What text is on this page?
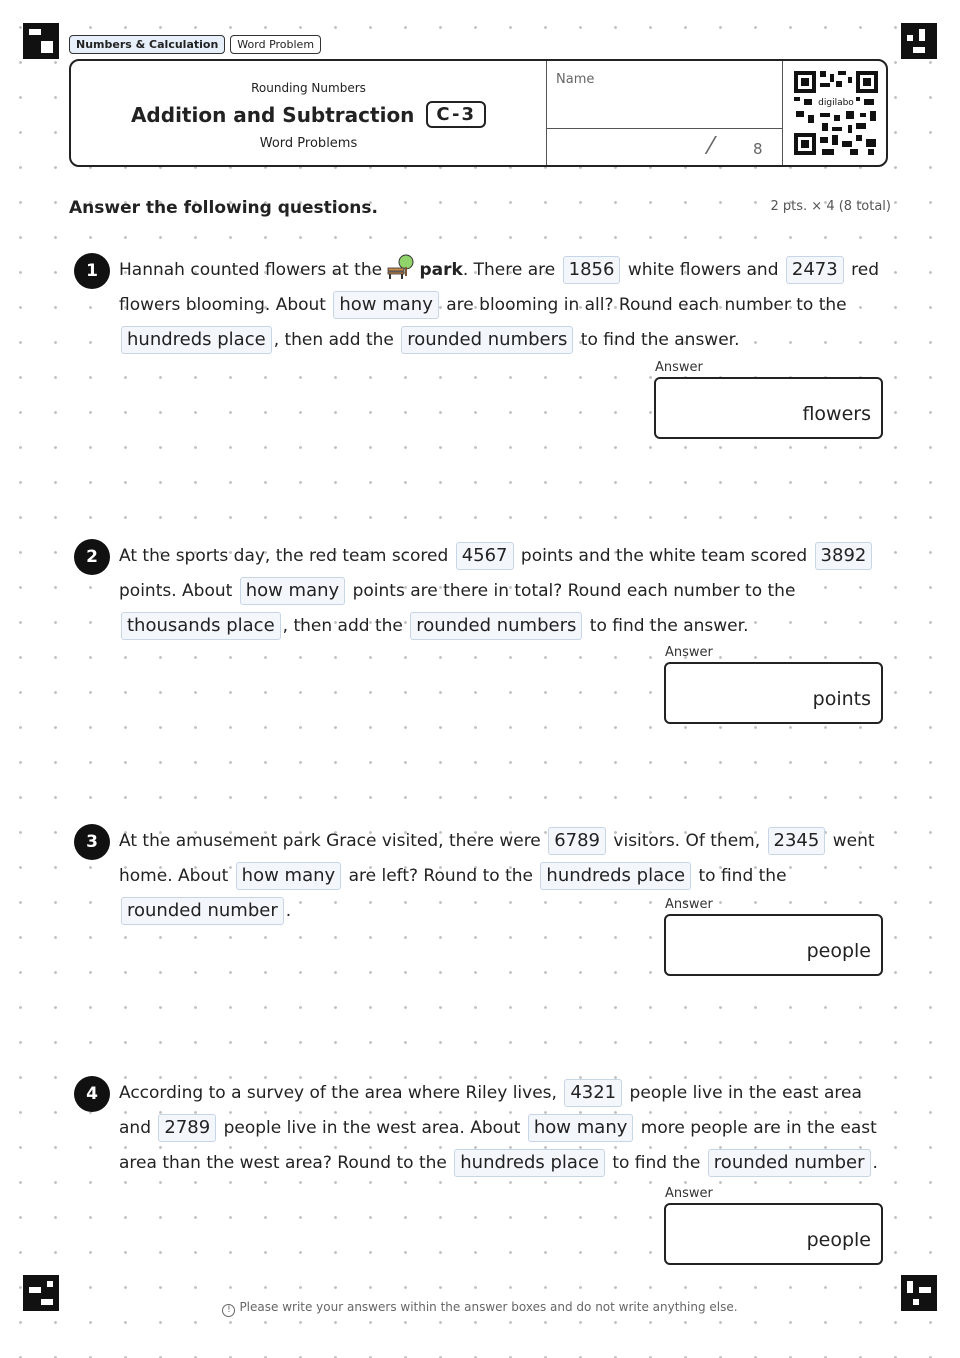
Numbers & Calculation	Word Problem
Rounding Numbers
Addition and Subtraction	C-3
Word Problems
Name
/ 8
digilabo
Answer the following questions.	2 pts. × 4 (8 total)
1	Hannah counted flowers at the park. There are 1856 white flowers and 2473 red flowers blooming. About how many are blooming in all? Round each number to the hundreds place , then add the rounded numbers to find the answer.
Answer
flowers
2	At the sports day, the red team scored 4567 points and the white team scored 3892 points. About how many points are there in total? Round each number to the thousands place , then add the rounded numbers to find the answer.
Answer
points
3	At the amusement park Grace visited, there were 6789 visitors. Of them, 2345 went home. About how many are left? Round to the hundreds place to find the rounded number .	Answer
people
4	According to a survey of the area where Riley lives, 4321 people live in the east area and 2789 people live in the west area. About how many more people are in the east area than the west area? Round to the hundreds place to find the rounded number .
Answer
people
! Please write your answers within the answer boxes and do not write anything else.
